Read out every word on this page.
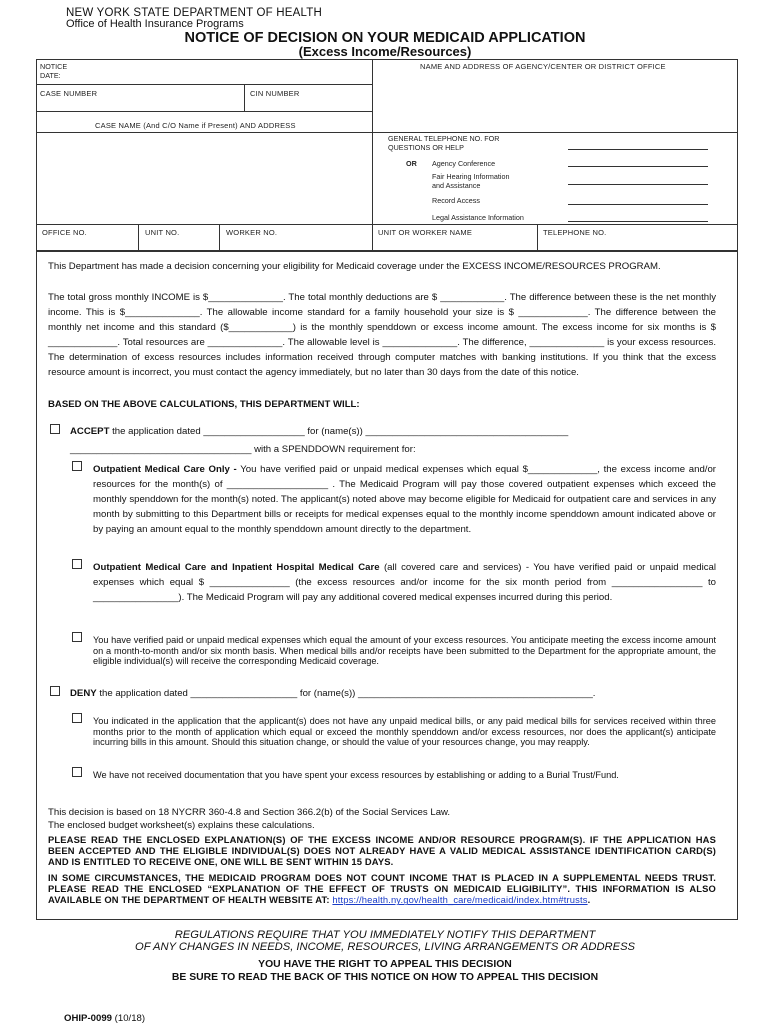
NEW YORK STATE DEPARTMENT OF HEALTH
Office of Health Insurance Programs
NOTICE OF DECISION ON YOUR MEDICAID APPLICATION
(Excess Income/Resources)
NOTICE
DATE:
NAME AND ADDRESS OF AGENCY/CENTER OR DISTRICT OFFICE
CASE NUMBER	CIN NUMBER
CASE NAME (And C/O Name if Present) AND ADDRESS
GENERAL TELEPHONE NO. FOR
QUESTIONS OR HELP
OR Agency Conference
Fair Hearing Information
and Assistance
Record Access
Legal Assistance Information
OFFICE NO.	UNIT NO.	WORKER NO.	UNIT OR WORKER NAME	TELEPHONE NO.
This Department has made a decision concerning your eligibility for Medicaid coverage under the EXCESS INCOME/RESOURCES PROGRAM.
The total gross monthly INCOME is $______________. The total monthly deductions are $ ____________. The difference between these is the net monthly income. This is $______________. The allowable income standard for a family household your size is $ _____________. The difference between the monthly net income and this standard ($____________) is the monthly spenddown or excess income amount. The excess income for six months is $ _____________. Total resources are ______________. The allowable level is ______________. The difference, ______________ is your excess resources. The determination of excess resources includes information received through computer matches with banking institutions. If you think that the excess resource amount is incorrect, you must contact the agency immediately, but no later than 30 days from the date of this notice.
BASED ON THE ABOVE CALCULATIONS, THIS DEPARTMENT WILL:
ACCEPT the application dated ___________________ for (name(s)) ______________________________________
__________________________________ with a SPENDDOWN requirement for:
Outpatient Medical Care Only - You have verified paid or unpaid medical expenses which equal $_____________, the excess income and/or resources for the month(s) of ___________________ . The Medicaid Program will pay those covered outpatient expenses which exceed the monthly spenddown for the month(s) noted. The applicant(s) noted above may become eligible for Medicaid for outpatient care and services in any month by submitting to this Department bills or receipts for medical expenses equal to the monthly income spenddown amount indicated above or by paying an amount equal to the monthly spenddown amount directly to the department.
Outpatient Medical Care and Inpatient Hospital Medical Care (all covered care and services) - You have verified paid or unpaid medical expenses which equal $ _______________ (the excess resources and/or income for the six month period from _________________ to ________________). The Medicaid Program will pay any additional covered medical expenses incurred during this period.
You have verified paid or unpaid medical expenses which equal the amount of your excess resources. You anticipate meeting the excess income amount on a month-to-month and/or six month basis. When medical bills and/or receipts have been submitted to the Department for the appropriate amount, the eligible individual(s) will receive the corresponding Medicaid coverage.
DENY the application dated ____________________ for (name(s)) ____________________________________________.
You indicated in the application that the applicant(s) does not have any unpaid medical bills, or any paid medical bills for services received within three months prior to the month of application which equal or exceed the monthly spenddown and/or excess resources, nor does the applicant(s) anticipate incurring bills in this amount. Should this situation change, or should the value of your resources change, you may reapply.
We have not received documentation that you have spent your excess resources by establishing or adding to a Burial Trust/Fund.
This decision is based on 18 NYCRR 360-4.8 and Section 366.2(b) of the Social Services Law.
The enclosed budget worksheet(s) explains these calculations.
PLEASE READ THE ENCLOSED EXPLANATION(S) OF THE EXCESS INCOME AND/OR RESOURCE PROGRAM(S). IF THE APPLICATION HAS BEEN ACCEPTED AND THE ELIGIBLE INDIVIDUAL(S) DOES NOT ALREADY HAVE A VALID MEDICAL ASSISTANCE IDENTIFICATION CARD(S) AND IS ENTITLED TO RECEIVE ONE, ONE WILL BE SENT WITHIN 15 DAYS.
IN SOME CIRCUMSTANCES, THE MEDICAID PROGRAM DOES NOT COUNT INCOME THAT IS PLACED IN A SUPPLEMENTAL NEEDS TRUST. PLEASE READ THE ENCLOSED “EXPLANATION OF THE EFFECT OF TRUSTS ON MEDICAID ELIGIBILITY”. THIS INFORMATION IS ALSO AVAILABLE ON THE DEPARTMENT OF HEALTH WEBSITE AT: https://health.ny.gov/health_care/medicaid/index.htm#trusts.
REGULATIONS REQUIRE THAT YOU IMMEDIATELY NOTIFY THIS DEPARTMENT
OF ANY CHANGES IN NEEDS, INCOME, RESOURCES, LIVING ARRANGEMENTS OR ADDRESS
YOU HAVE THE RIGHT TO APPEAL THIS DECISION
BE SURE TO READ THE BACK OF THIS NOTICE ON HOW TO APPEAL THIS DECISION
OHIP-0099 (10/18)
